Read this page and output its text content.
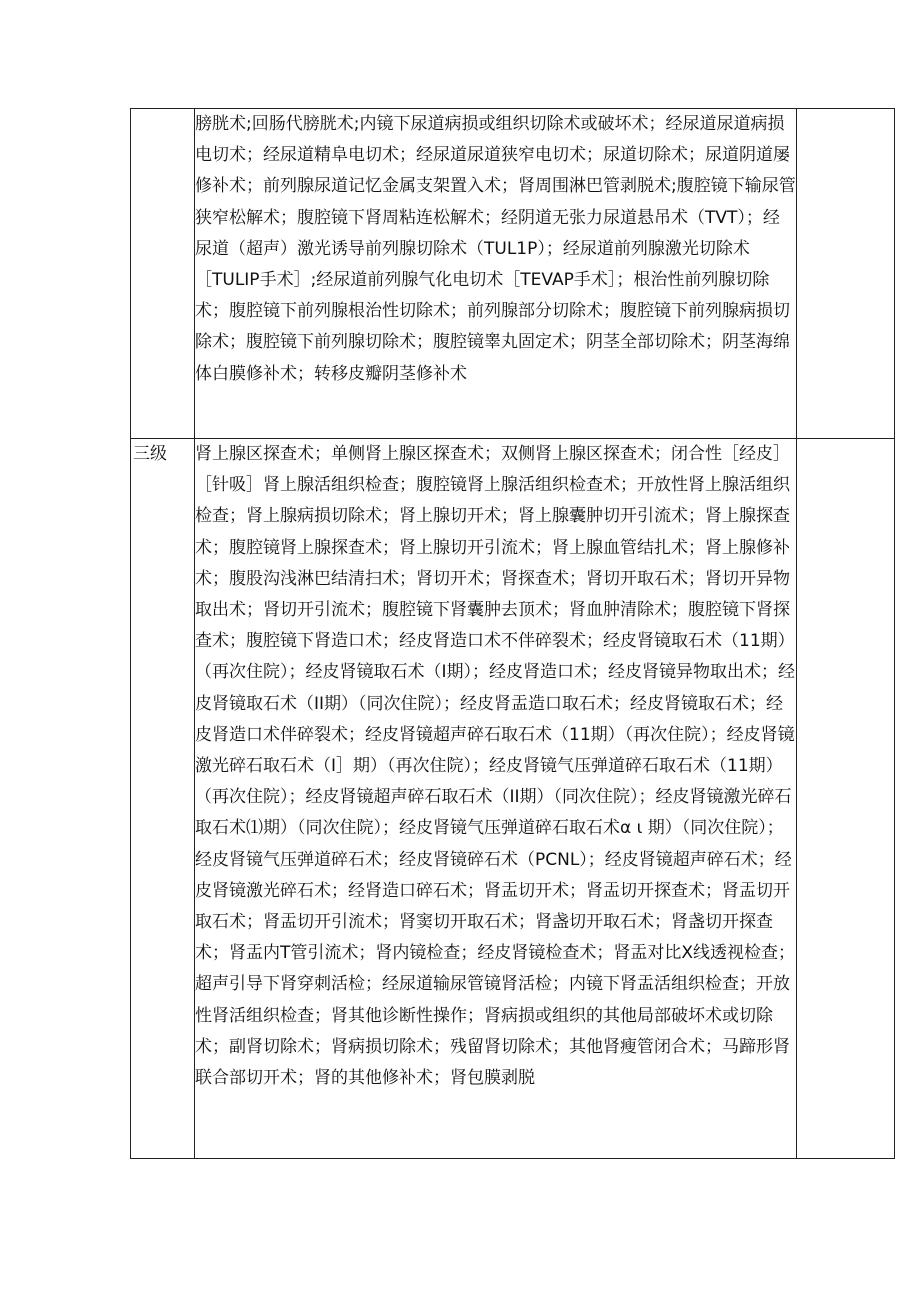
	膀胱术;回肠代膀胱术;内镜下尿道病损或组织切除术或破坏术；经尿道尿道病损电切术；经尿道精阜电切术；经尿道尿道狭窄电切术；尿道切除术；尿道阴道屡修补术；前列腺尿道记忆金属支架置入术；肾周围淋巴管剥脱术;腹腔镜下输尿管狭窄松解术；腹腔镜下肾周粘连松解术；经阴道无张力尿道悬吊术（TVT）；经尿道（超声）激光诱导前列腺切除术（TUL1P）；经尿道前列腺激光切除术［TULIP手术］;经尿道前列腺气化电切术［TEVAP手术］；根治性前列腺切除术；腹腔镜下前列腺根治性切除术；前列腺部分切除术；腹腔镜下前列腺病损切除术；腹腔镜下前列腺切除术；腹腔镜睾丸固定术；阴茎全部切除术；阴茎海绵体白膜修补术；转移皮瓣阴茎修补术	

三级	肾上腺区探查术；单侧肾上腺区探查术；双侧肾上腺区探查术；闭合性［经皮］［针吸］肾上腺活组织检查；腹腔镜肾上腺活组织检查术；开放性肾上腺活组织检查；肾上腺病损切除术；肾上腺切开术；肾上腺囊肿切开引流术；肾上腺探查术；腹腔镜肾上腺探查术；肾上腺切开引流术；肾上腺血管结扎术；肾上腺修补术；腹股沟浅淋巴结清扫术；肾切开术；肾探查术；肾切开取石术；肾切开异物取出术；肾切开引流术；腹腔镜下肾囊肿去顶术；肾血肿清除术；腹腔镜下肾探查术；腹腔镜下肾造口术；经皮肾造口术不伴碎裂术；经皮肾镜取石术（11期）（再次住院）；经皮肾镜取石术（I期）；经皮肾造口术；经皮肾镜异物取出术；经皮肾镜取石术（II期）（同次住院）；经皮肾盂造口取石术；经皮肾镜取石术；经皮肾造口术伴碎裂术；经皮肾镜超声碎石取石术（11期）（再次住院）；经皮肾镜激光碎石取石术（I］期）（再次住院）；经皮肾镜气压弹道碎石取石术（11期）（再次住院）；经皮肾镜超声碎石取石术（II期）（同次住院）；经皮肾镜激光碎石取石术⑴期）（同次住院）；经皮肾镜气压弹道碎石取石术α ι 期）（同次住院）；经皮肾镜气压弹道碎石术；经皮肾镜碎石术（PCNL）；经皮肾镜超声碎石术；经皮肾镜激光碎石术；经肾造口碎石术；肾盂切开术；肾盂切开探查术；肾盂切开取石术；肾盂切开引流术；肾窦切开取石术；肾盏切开取石术；肾盏切开探查术；肾盂内T管引流术；肾内镜检查；经皮肾镜检查术；肾盂对比X线透视检查；超声引导下肾穿刺活检；经尿道输尿管镜肾活检；内镜下肾盂活组织检查；开放性肾活组织检查；肾其他诊断性操作；肾病损或组织的其他局部破坏术或切除术；副肾切除术；肾病损切除术；残留肾切除术；其他肾瘦管闭合术；马蹄形肾联合部切开术；肾的其他修补术；肾包膜剥脱	
